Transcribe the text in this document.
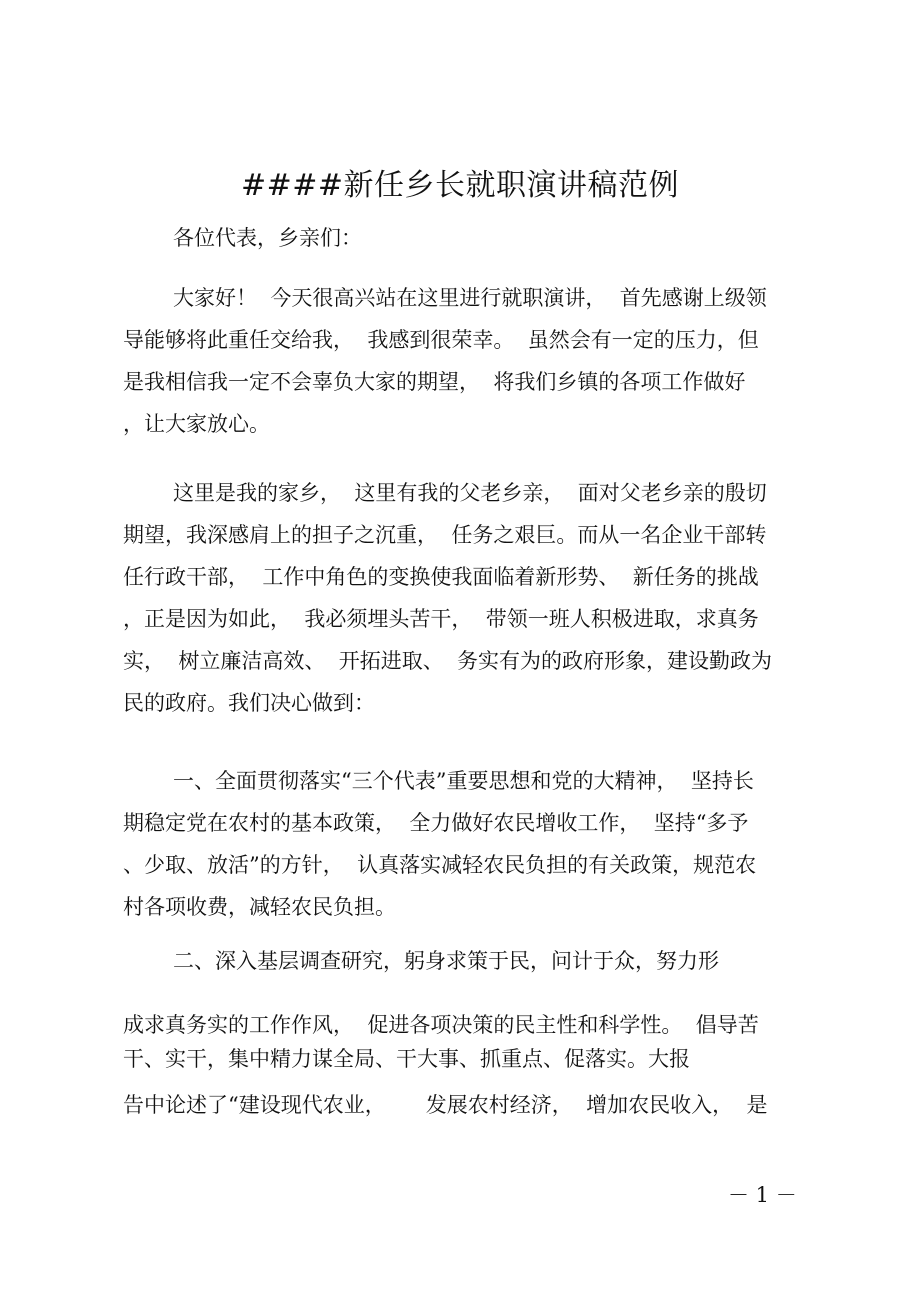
####新任乡长就职演讲稿范例
各位代表，乡亲们：
大家好！  今天很高兴站在这里进行就职演讲，  首先感谢上级领
导能够将此重任交给我，  我感到很荣幸。  虽然会有一定的压力，但
是我相信我一定不会辜负大家的期望，  将我们乡镇的各项工作做好
，让大家放心。
这里是我的家乡，  这里有我的父老乡亲，  面对父老乡亲的殷切
期望，我深感肩上的担子之沉重，  任务之艰巨。而从一名企业干部转
任行政干部，  工作中角色的变换使我面临着新形势、  新任务的挑战
，正是因为如此，  我必须埋头苦干，  带领一班人积极进取，求真务
实，  树立廉洁高效、  开拓进取、  务实有为的政府形象，建设勤政为
民的政府。我们决心做到：
一、全面贯彻落实“三个代表”重要思想和党的大精神，  坚持长
期稳定党在农村的基本政策，  全力做好农民增收工作，  坚持“多予
、少取、放活”的方针，  认真落实减轻农民负担的有关政策，规范农
村各项收费，减轻农民负担。
二、深入基层调查研究，躬身求策于民，问计于众，努力形
成求真务实的工作作风，  促进各项决策的民主性和科学性。  倡导苦
干、实干，集中精力谋全局、干大事、抓重点、促落实。大报
告中论述了“建设现代农业，      发展农村经济，  增加农民收入，  是
－ 1 －
